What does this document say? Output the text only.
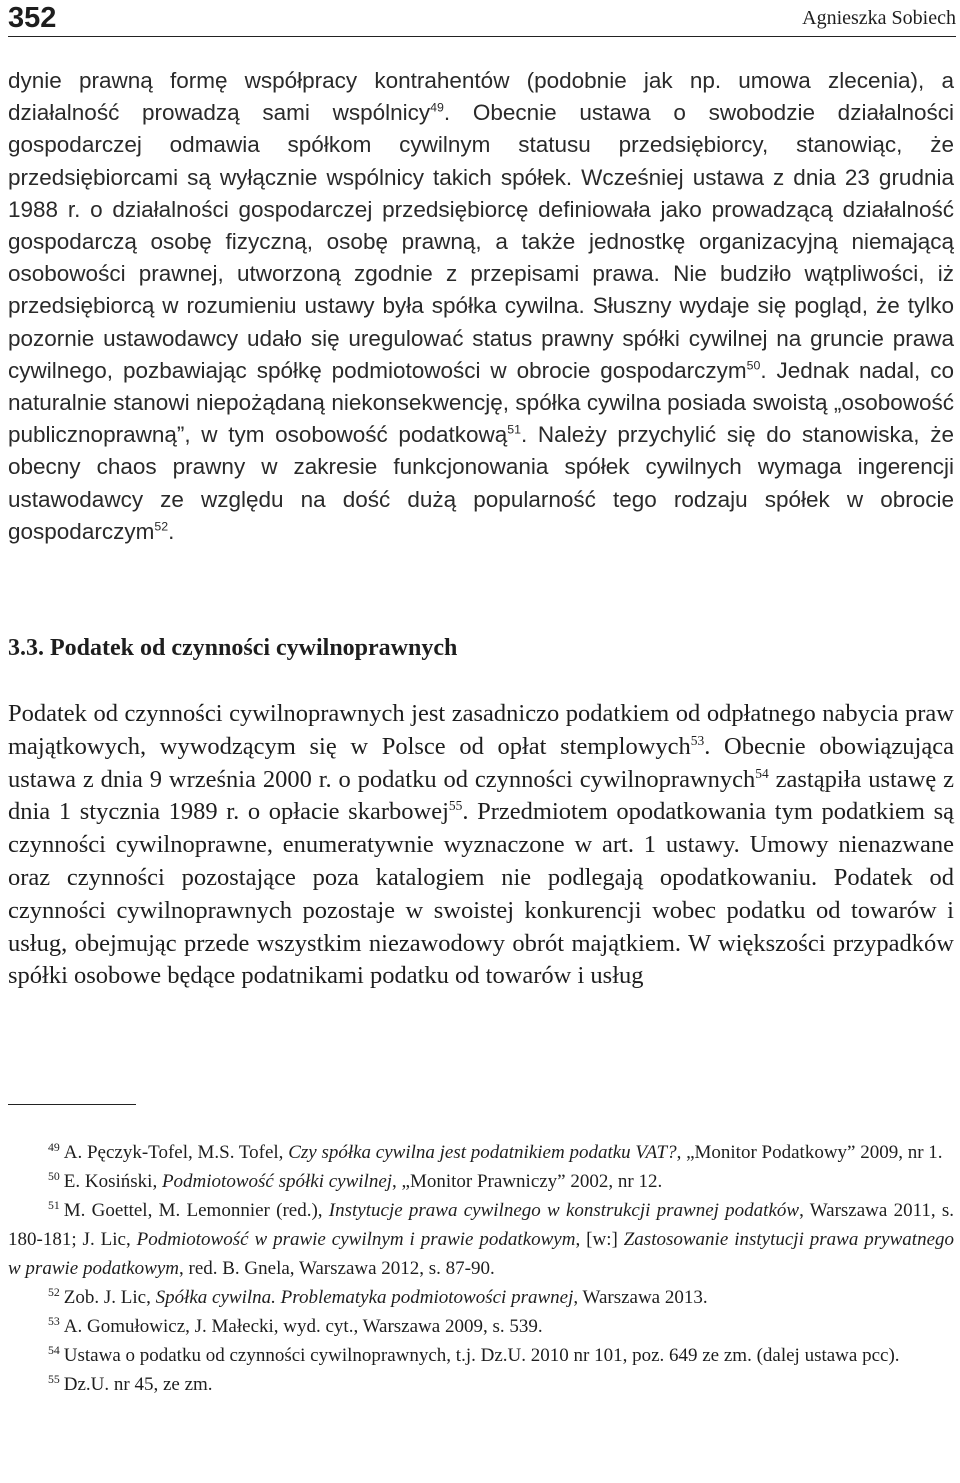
352	Agnieszka Sobiech

dynie prawną formę współpracy kontrahentów (podobnie jak np. umowa zlecenia), a działalność prowadzą sami wspólnicy$^{49}$. Obecnie ustawa o swobodzie działalności gospodarczej odmawia spółkom cywilnym statusu przedsiębiorcy, stanowiąc, że przedsiębiorcami są wyłącznie wspólnicy takich spółek. Wcześniej ustawa z dnia 23 grudnia 1988 r. o działalności gospodarczej przedsiębiorcę definiowała jako prowadzącą działalność gospodarczą osobę fizyczną, osobę prawną, a także jednostkę organizacyjną niemającą osobowości prawnej, utworzoną zgodnie z przepisami prawa. Nie budziło wątpliwości, iż przedsiębiorcą w rozumieniu ustawy była spółka cywilna. Słuszny wydaje się pogląd, że tylko pozornie ustawodawcy udało się uregulować status prawny spółki cywilnej na gruncie prawa cywilnego, pozbawiając spółkę podmiotowości w obrocie gospodarczym$^{50}$. Jednak nadal, co naturalnie stanowi niepożądaną niekonsekwencję, spółka cywilna posiada swoistą „osobowość publicznoprawną”, w tym osobowość podatkową$^{51}$. Należy przychylić się do stanowiska, że obecny chaos prawny w zakresie funkcjonowania spółek cywilnych wymaga ingerencji ustawodawcy ze względu na dość dużą popularność tego rodzaju spółek w obrocie gospodarczym$^{52}$.

3.3. Podatek od czynności cywilnoprawnych

Podatek od czynności cywilnoprawnych jest zasadniczo podatkiem od odpłatnego nabycia praw majątkowych, wywodzącym się w Polsce od opłat stemplowych$^{53}$. Obecnie obowiązująca ustawa z dnia 9 września 2000 r. o podatku od czynności cywilnoprawnych$^{54}$ zastąpiła ustawę z dnia 1 stycznia 1989 r. o opłacie skarbowej$^{55}$. Przedmiotem opodatkowania tym podatkiem są czynności cywilnoprawne, enumeratywnie wyznaczone w art. 1 ustawy. Umowy nienazwane oraz czynności pozostające poza katalogiem nie podlegają opodatkowaniu. Podatek od czynności cywilnoprawnych pozostaje w swoistej konkurencji wobec podatku od towarów i usług, obejmując przede wszystkim niezawodowy obrót majątkiem. W większości przypadków spółki osobowe będące podatnikami podatku od towarów i usług

$^{49}$ A. Pęczyk-Tofel, M.S. Tofel, Czy spółka cywilna jest podatnikiem podatku VAT?, „Monitor Podatkowy” 2009, nr 1.

$^{50}$ E. Kosiński, Podmiotowość spółki cywilnej, „Monitor Prawniczy” 2002, nr 12.

$^{51}$ M. Goettel, M. Lemonnier (red.), Instytucje prawa cywilnego w konstrukcji prawnej podatków, Warszawa 2011, s. 180-181; J. Lic, Podmiotowość w prawie cywilnym i prawie podatkowym, [w:] Zastosowanie instytucji prawa prywatnego w prawie podatkowym, red. B. Gnela, Warszawa 2012, s. 87-90.

$^{52}$ Zob. J. Lic, Spółka cywilna. Problematyka podmiotowości prawnej, Warszawa 2013.

$^{53}$ A. Gomułowicz, J. Małecki, wyd. cyt., Warszawa 2009, s. 539.

$^{54}$ Ustawa o podatku od czynności cywilnoprawnych, t.j. Dz.U. 2010 nr 101, poz. 649 ze zm. (dalej ustawa pcc).

$^{55}$ Dz.U. nr 45, ze zm.
